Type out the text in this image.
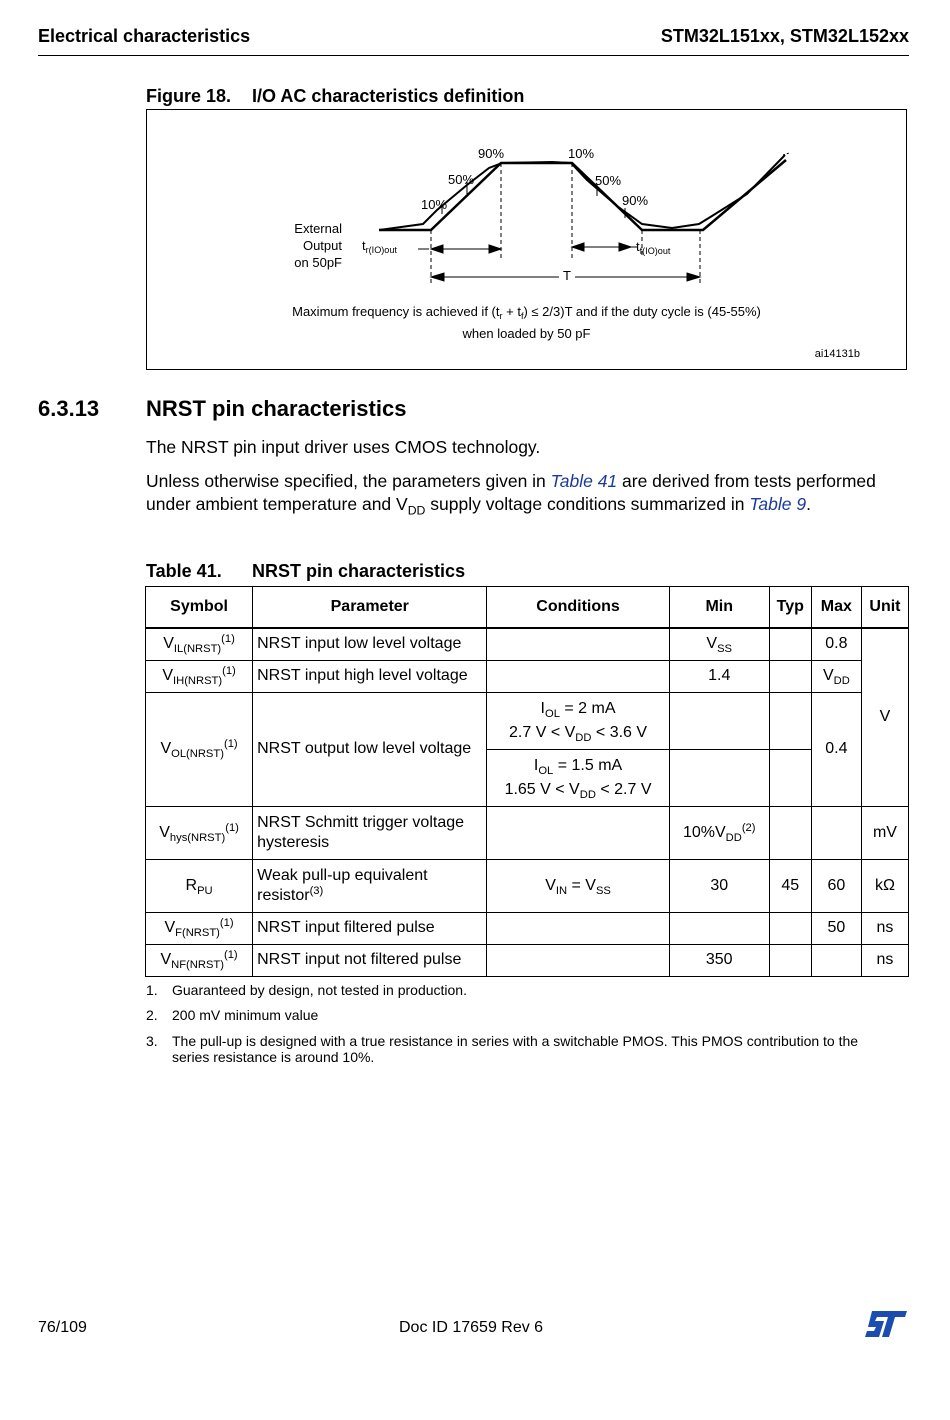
Electrical characteristics	STM32L151xx, STM32L152xx
Figure 18. I/O AC characteristics definition
90%
50%
10%
10%
50%
90%
External
Output
on 50pF
$t_{r(IO)out}$	$t_{f(IO)out}$
T
Maximum frequency is achieved if $(t_r + t_f) \le 2/3)T$ and if the duty cycle is (45-55%)
when loaded by 50 pF
ai14131b
6.3.13 NRST pin characteristics
The NRST pin input driver uses CMOS technology.
Unless otherwise specified, the parameters given in Table 41 are derived from tests performed under ambient temperature and $V_{DD}$ supply voltage conditions summarized in Table 9.
Table 41. NRST pin characteristics
Symbol	Parameter	Conditions	Min	Typ	Max	Unit
$V_{IL(NRST)}^{(1)}$	NRST input low level voltage		$V_{SS}$		0.8	V
$V_{IH(NRST)}^{(1)}$	NRST input high level voltage		1.4		$V_{DD}$
$V_{OL(NRST)}^{(1)}$	NRST output low level voltage	$I_{OL} = 2$ mA
2.7 $V < V_{DD} < 3.6$ V			0.4	
		$I_{OL} = 1.5$ mA
1.65 $V < V_{DD} < 2.7$ V				
$V_{hys(NRST)}^{(1)}$	NRST Schmitt trigger voltage hysteresis		$10\%V_{DD}^{(2)}$			mV
$R_{PU}$	Weak pull-up equivalent resistor$^{(3)}$	$V_{IN} = V_{SS}$	30	45	60	kΩ
$V_{F(NRST)}^{(1)}$	NRST input filtered pulse				50	ns
$V_{NF(NRST)}^{(1)}$	NRST input not filtered pulse		350			ns
1. Guaranteed by design, not tested in production.
2. 200 mV minimum value
3. The pull-up is designed with a true resistance in series with a switchable PMOS. This PMOS contribution to the series resistance is around 10%.
76/109	Doc ID 17659 Rev 6
